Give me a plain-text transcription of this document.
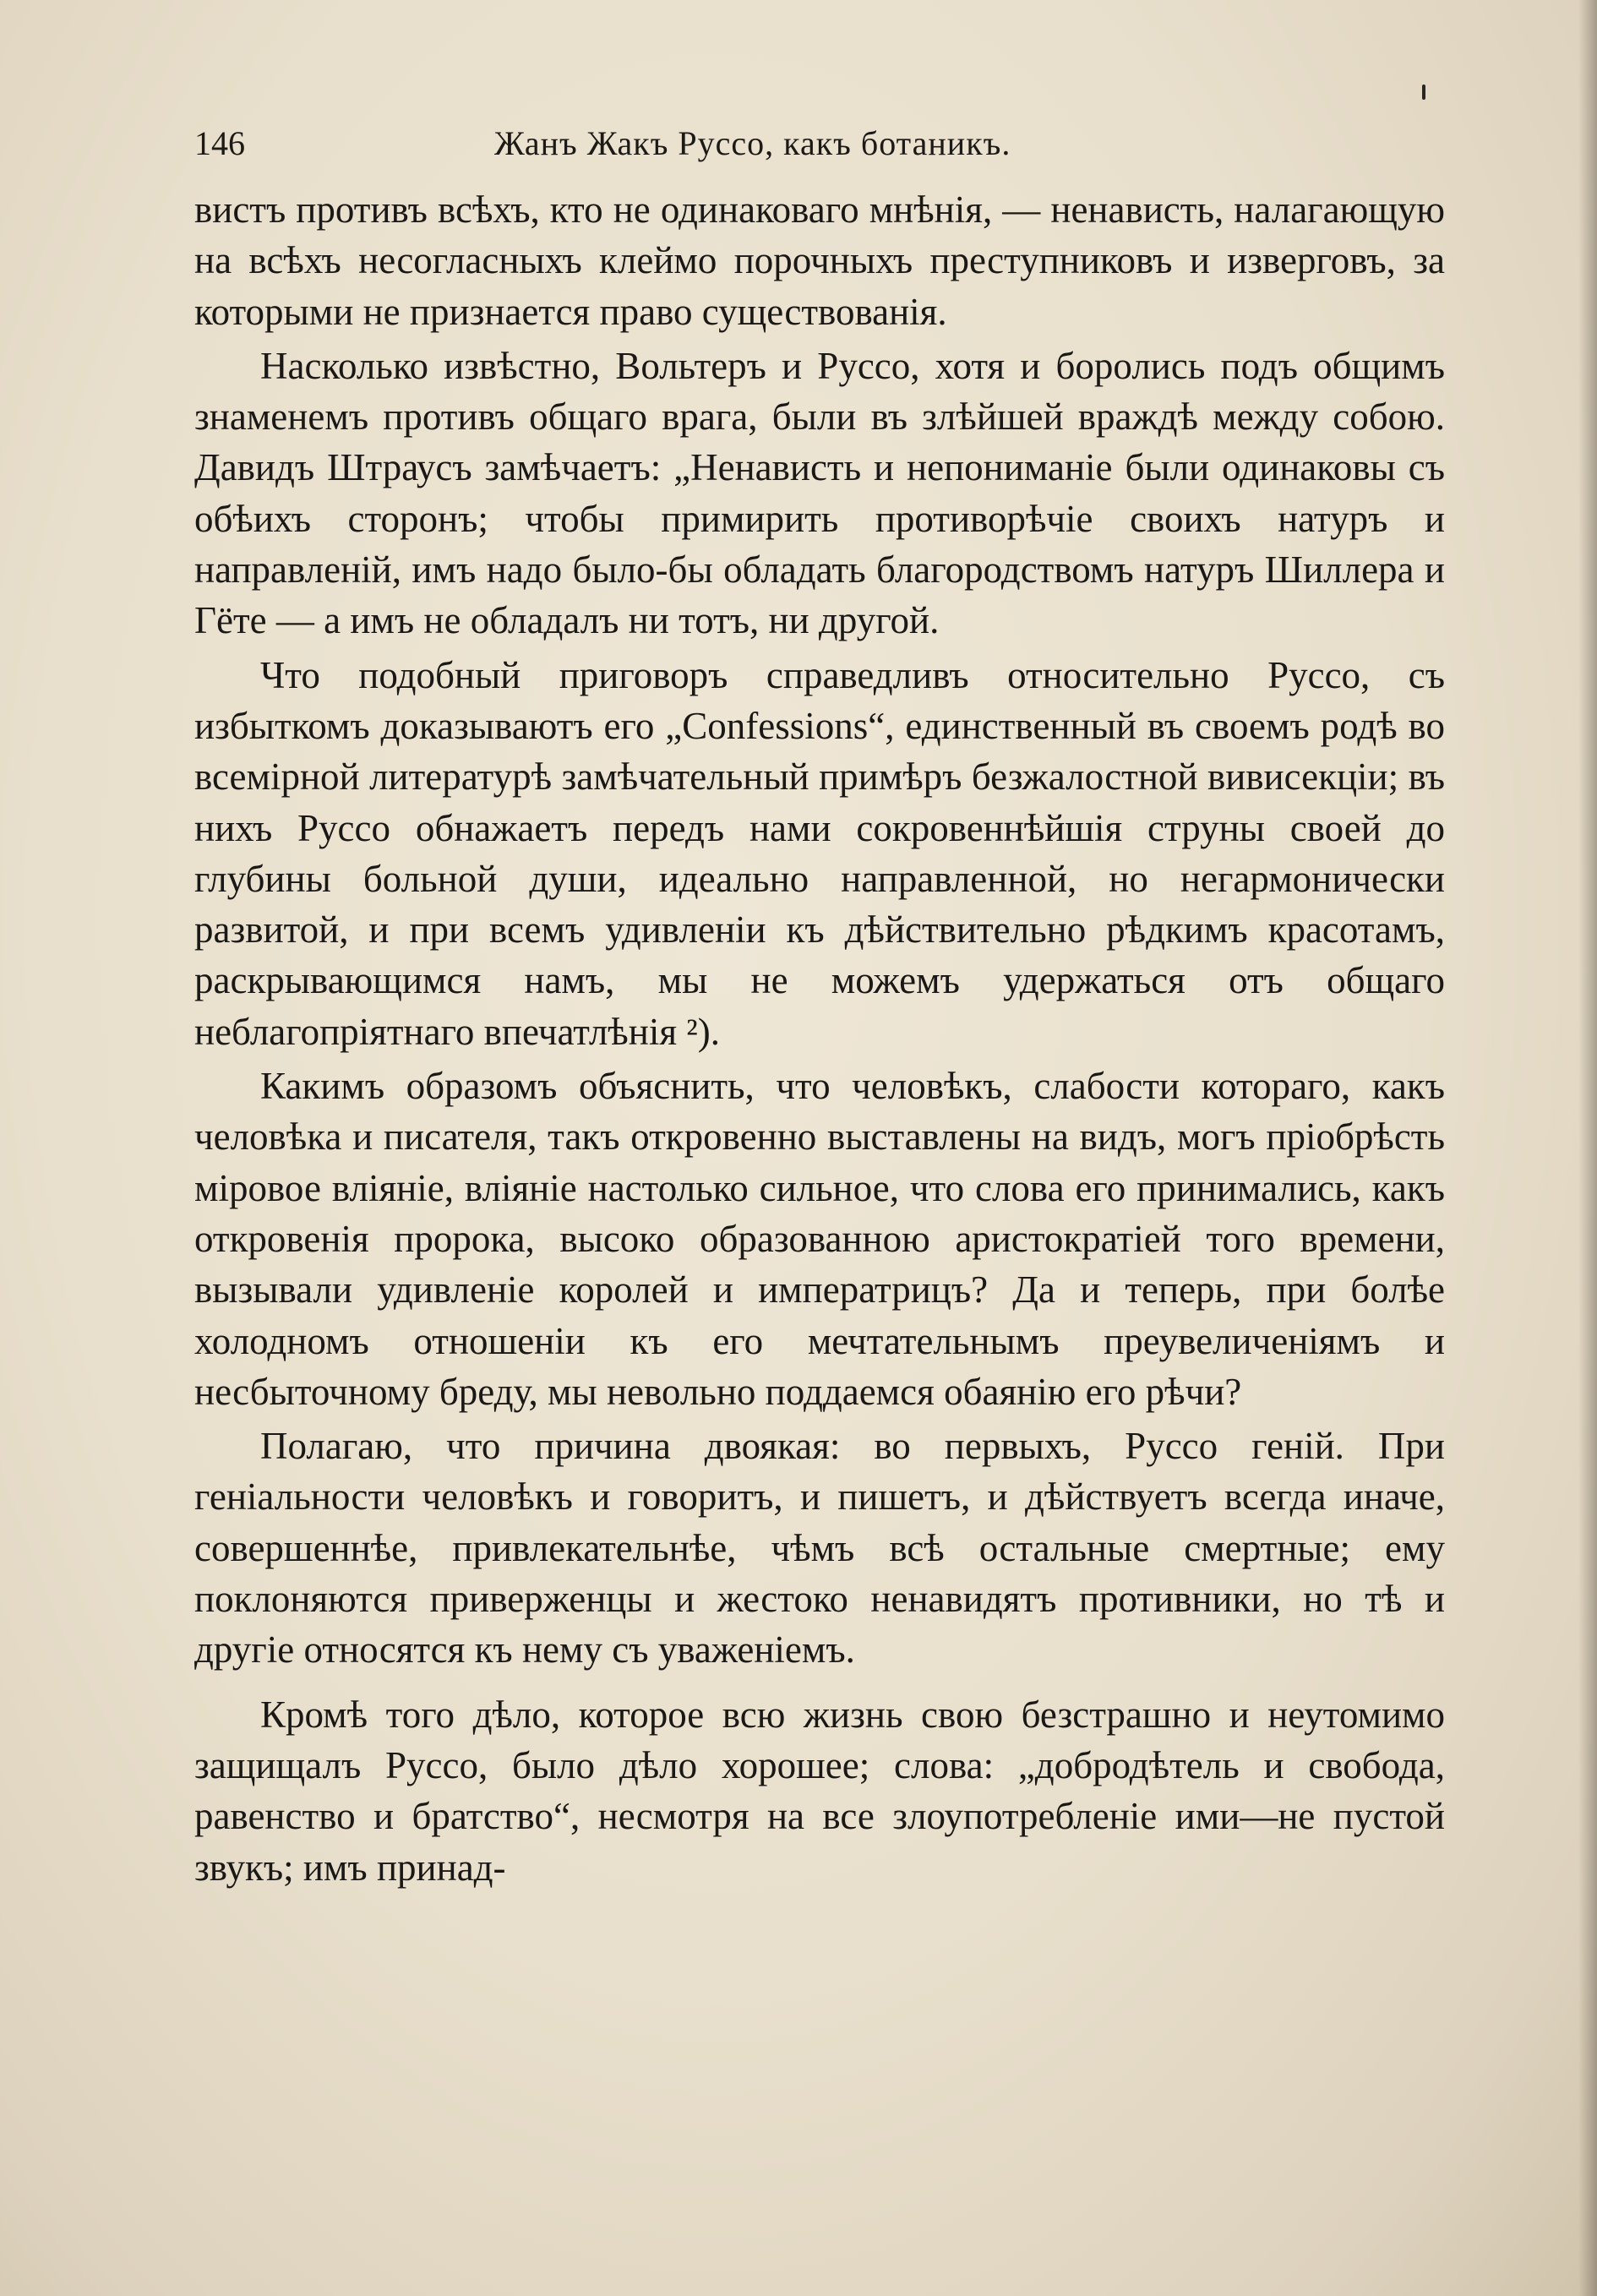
146	Жанъ Жакъ Руссо, какъ ботаникъ.

вистъ противъ всѣхъ, кто не одинаковаго мнѣнія, — ненависть, налагающую на всѣхъ несогласныхъ клеймо порочныхъ преступниковъ и изверговъ, за которыми не признается право существованія.

Насколько извѣстно, Вольтеръ и Руссо, хотя и боролись подъ общимъ знаменемъ противъ общаго врага, были въ злѣйшей враждѣ между собою. Давидъ Штраусъ замѣчаетъ: „Ненависть и непониманіе были одинаковы съ обѣихъ сторонъ; чтобы примирить противорѣчіе своихъ натуръ и направленій, имъ надо было-бы обладать благородствомъ натуръ Шиллера и Гёте — а имъ не обладалъ ни тотъ, ни другой.

Что подобный приговоръ справедливъ относительно Руссо, съ избыткомъ доказываютъ его „Confessions“, единственный въ своемъ родѣ во всемірной литературѣ замѣчательный примѣръ безжалостной вивисекціи; въ нихъ Руссо обнажаетъ передъ нами сокровеннѣйшія струны своей до глубины больной души, идеально направленной, но негармонически развитой, и при всемъ удивленіи къ дѣйствительно рѣдкимъ красотамъ, раскрывающимся намъ, мы не можемъ удержаться отъ общаго неблагопріятнаго впечатлѣнія ²).

Какимъ образомъ объяснить, что человѣкъ, слабости котораго, какъ человѣка и писателя, такъ откровенно выставлены на видъ, могъ пріобрѣсть міровое вліяніе, вліяніе настолько сильное, что слова его принимались, какъ откровенія пророка, высоко образованною аристократіей того времени, вызывали удивленіе королей и императрицъ? Да и теперь, при болѣе холодномъ отношеніи къ его мечтательнымъ преувеличеніямъ и несбыточному бреду, мы невольно поддаемся обаянію его рѣчи?

Полагаю, что причина двоякая: во первыхъ, Руссо геній. При геніальности человѣкъ и говоритъ, и пишетъ, и дѣйствуетъ всегда иначе, совершеннѣе, привлекательнѣе, чѣмъ всѣ остальные смертные; ему поклоняются приверженцы и жестоко ненавидятъ противники, но тѣ и другіе относятся къ нему съ уваженіемъ.

Кромѣ того дѣло, которое всю жизнь свою безстрашно и неутомимо защищалъ Руссо, было дѣло хорошее; слова: „добродѣтель и свобода, равенство и братство“, несмотря на все злоупотребленіе ими—не пустой звукъ; имъ принад-
